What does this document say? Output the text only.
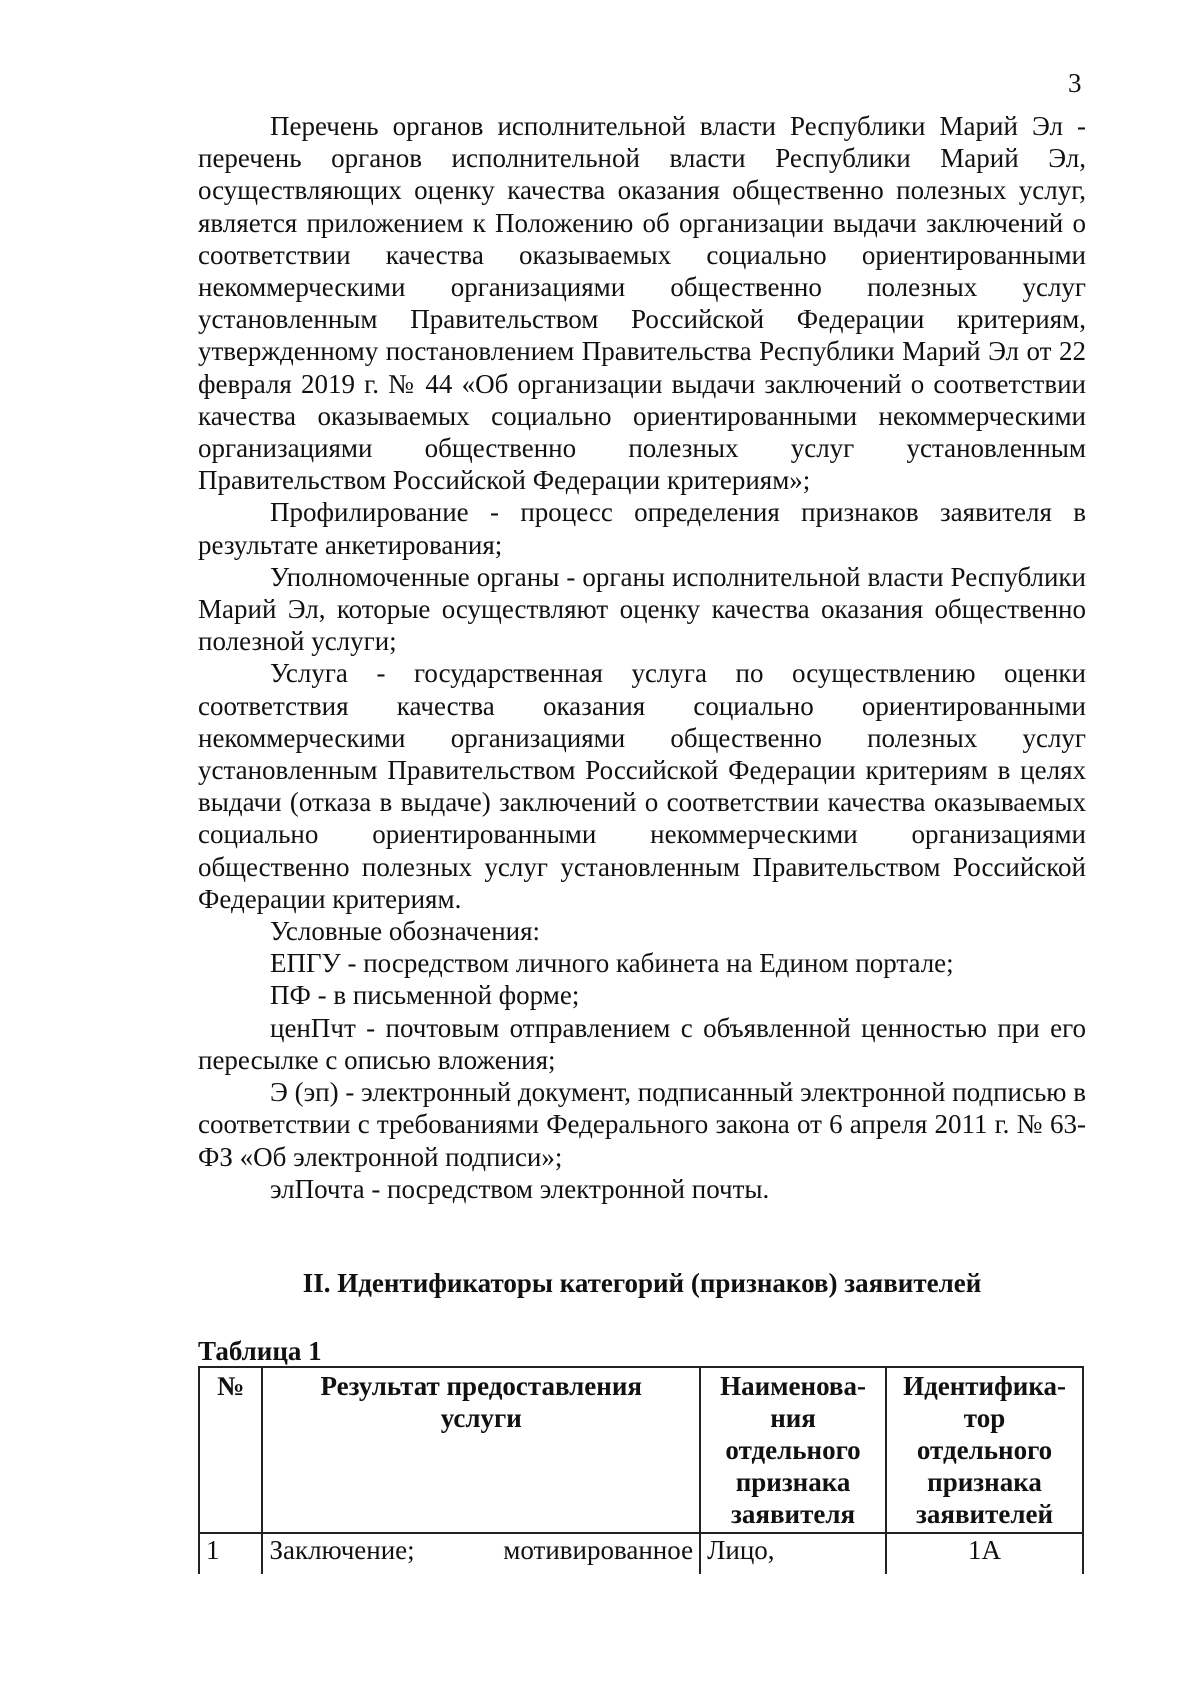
3

Перечень органов исполнительной власти Республики Марий Эл - перечень органов исполнительной власти Республики Марий Эл, осуществляющих оценку качества оказания общественно полезных услуг, является приложением к Положению об организации выдачи заключений о соответствии качества оказываемых социально ориентированными некоммерческими организациями общественно полезных услуг установленным Правительством Российской Федерации критериям, утвержденному постановлением Правительства Республики Марий Эл от 22 февраля 2019 г. № 44 «Об организации выдачи заключений о соответствии качества оказываемых социально ориентированными некоммерческими организациями общественно полезных услуг установленным Правительством Российской Федерации критериям»;

Профилирование - процесс определения признаков заявителя в результате анкетирования;

Уполномоченные органы - органы исполнительной власти Республики Марий Эл, которые осуществляют оценку качества оказания общественно полезной услуги;

Услуга - государственная услуга по осуществлению оценки соответствия качества оказания социально ориентированными некоммерческими организациями общественно полезных услуг установленным Правительством Российской Федерации критериям в целях выдачи (отказа в выдаче) заключений о соответствии качества оказываемых социально ориентированными некоммерческими организациями общественно полезных услуг установленным Правительством Российской Федерации критериям.

Условные обозначения:

ЕПГУ - посредством личного кабинета на Едином портале;

ПФ - в письменной форме;

ценПчт - почтовым отправлением с объявленной ценностью при его пересылке с описью вложения;

Э (эп) - электронный документ, подписанный электронной подписью в соответствии с требованиями Федерального закона от 6 апреля 2011 г. № 63-ФЗ «Об электронной подписи»;

элПочта - посредством электронной почты.

II. Идентификаторы категорий (признаков) заявителей
Таблица 1
№	Результат предоставления услуги	Наименова-ния отдельного признака заявителя	Идентифика-тор отдельного признака заявителей
1	Заключение; мотивированное	Лицо,	1А
